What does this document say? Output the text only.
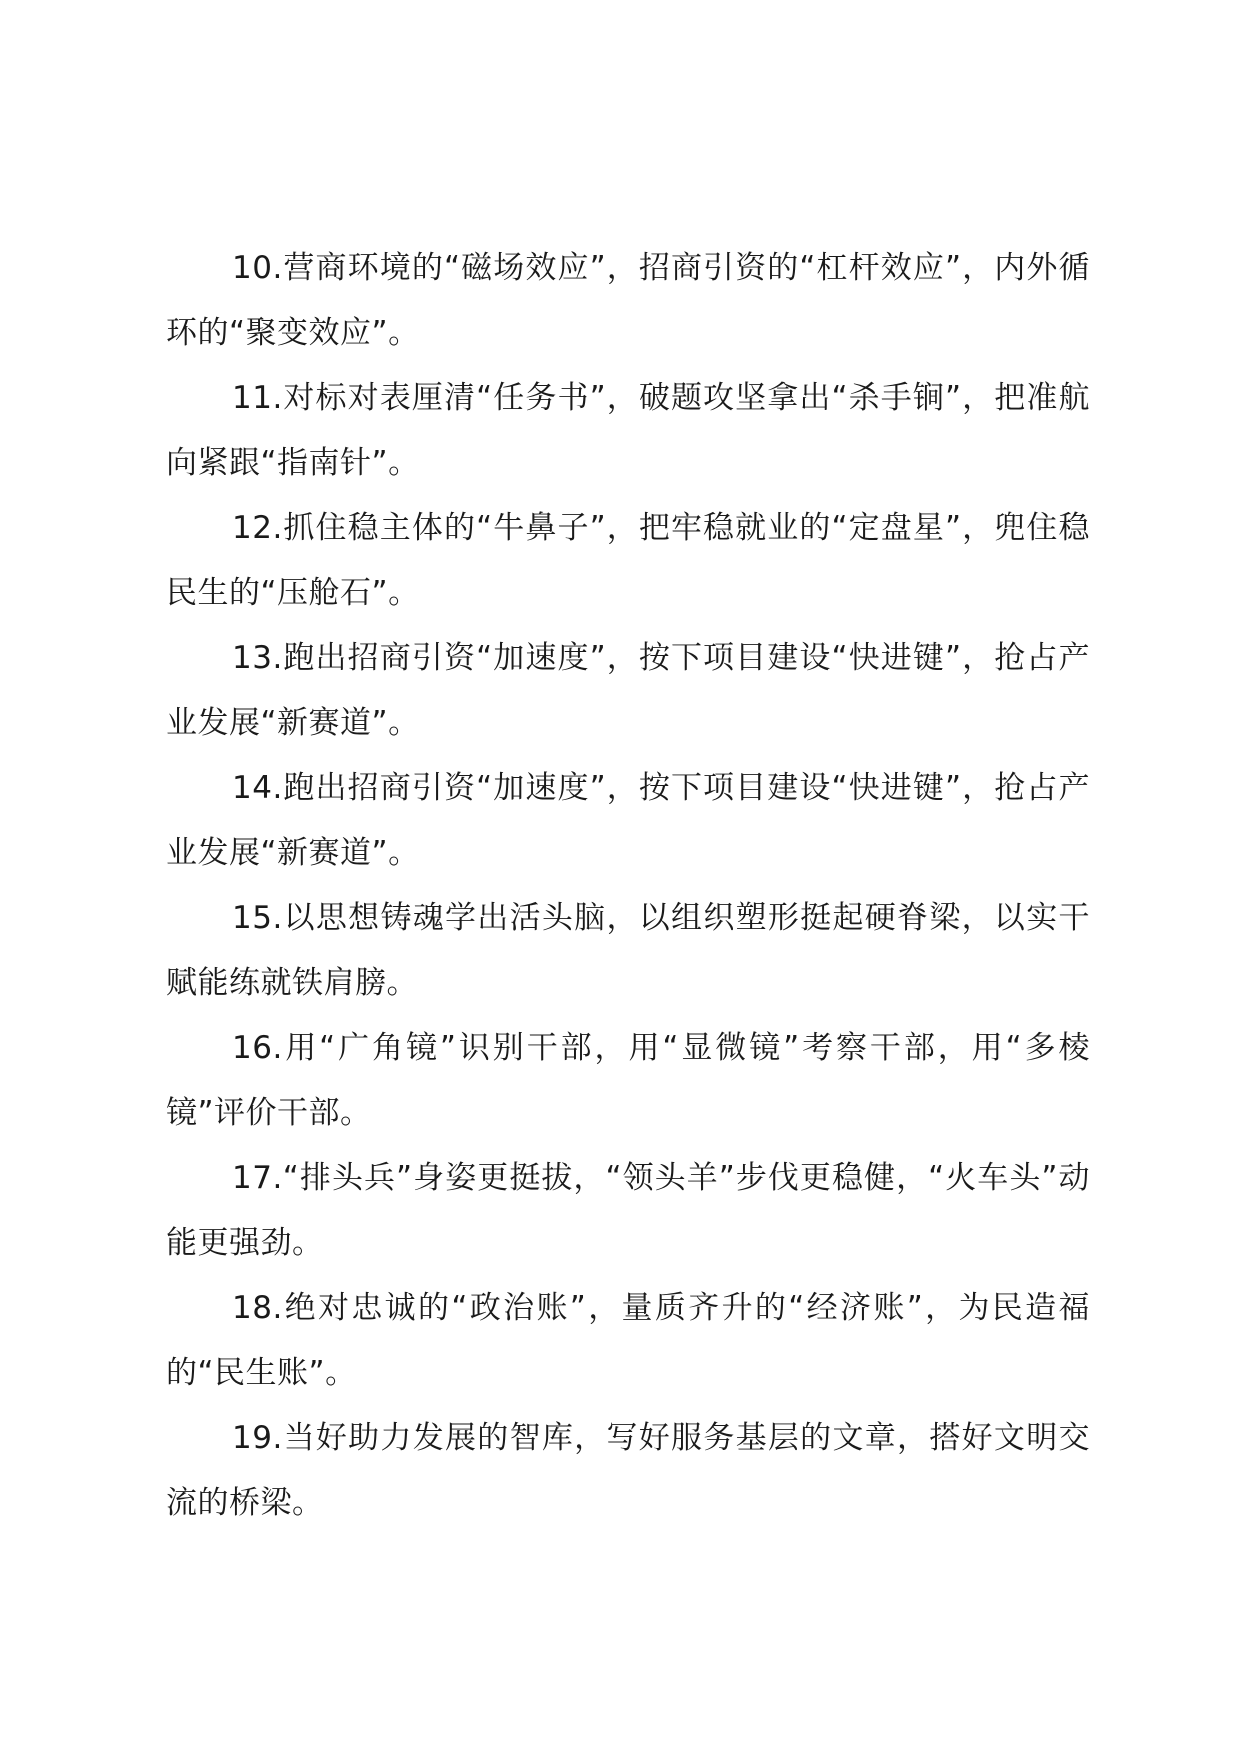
10.营商环境的“磁场效应”，招商引资的“杠杆效应”，内外循环的“聚变效应”。

11.对标对表厘清“任务书”，破题攻坚拿出“杀手锏”，把准航向紧跟“指南针”。

12.抓住稳主体的“牛鼻子”，把牢稳就业的“定盘星”，兜住稳民生的“压舱石”。

13.跑出招商引资“加速度”，按下项目建设“快进键”，抢占产业发展“新赛道”。

14.跑出招商引资“加速度”，按下项目建设“快进键”，抢占产业发展“新赛道”。

15.以思想铸魂学出活头脑，以组织塑形挺起硬脊梁，以实干赋能练就铁肩膀。

16.用“广角镜”识别干部，用“显微镜”考察干部，用“多棱镜”评价干部。

17.“排头兵”身姿更挺拔，“领头羊”步伐更稳健，“火车头”动能更强劲。

18.绝对忠诚的“政治账”，量质齐升的“经济账”，为民造福的“民生账”。

19.当好助力发展的智库，写好服务基层的文章，搭好文明交流的桥梁。
